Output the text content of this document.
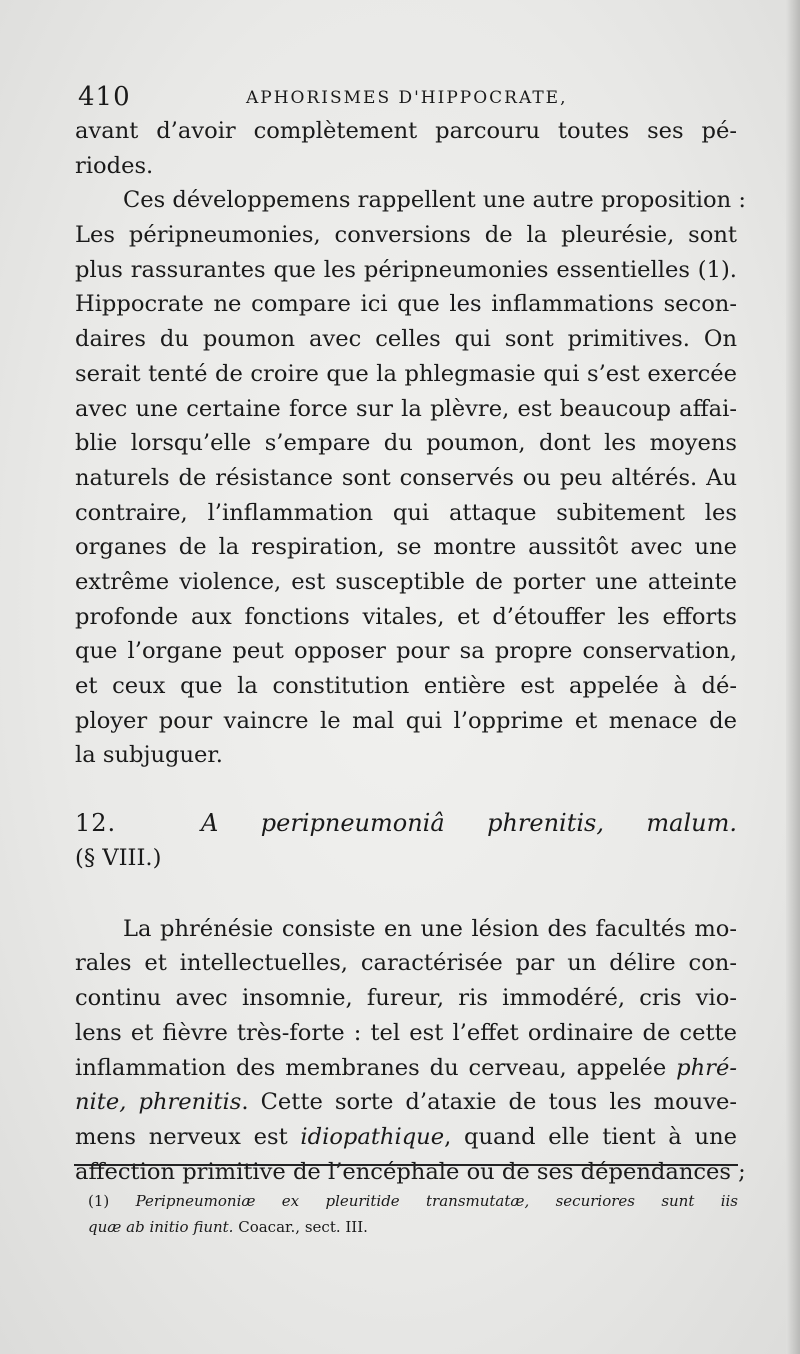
410	APHORISMES D'HIPPOCRATE,
avant d’avoir complètement parcouru toutes ses pé-
riodes.
Ces développemens rappellent une autre proposition :
Les péripneumonies, conversions de la pleurésie, sont
plus rassurantes que les péripneumonies essentielles (1).
Hippocrate ne compare ici que les inflammations secon-
daires du poumon avec celles qui sont primitives. On
serait tenté de croire que la phlegmasie qui s’est exercée
avec une certaine force sur la plèvre, est beaucoup affai-
blie lorsqu’elle s’empare du poumon, dont les moyens
naturels de résistance sont conservés ou peu altérés. Au
contraire, l’inflammation qui attaque subitement les
organes de la respiration, se montre aussitôt avec une
extrême violence, est susceptible de porter une atteinte
profonde aux fonctions vitales, et d’étouffer les efforts
que l’organe peut opposer pour sa propre conservation,
et ceux que la constitution entière est appelée à dé-
ployer pour vaincre le mal qui l’opprime et menace de
la subjuguer.
12.	A peripneumoniâ phrenitis, malum.
(§ VIII.)
La phrénésie consiste en une lésion des facultés mo-
rales et intellectuelles, caractérisée par un délire con-
continu avec insomnie, fureur, ris immodéré, cris vio-
lens et fièvre très-forte : tel est l’effet ordinaire de cette
inflammation des membranes du cerveau, appelée phré-
nite, phrenitis. Cette sorte d’ataxie de tous les mouve-
mens nerveux est idiopathique, quand elle tient à une
affection primitive de l’encéphale ou de ses dépendances ;
(1) Peripneumoniæ ex pleuritide transmutatæ, securiores sunt iis
quæ ab initio fiunt. Coacar., sect. III.
